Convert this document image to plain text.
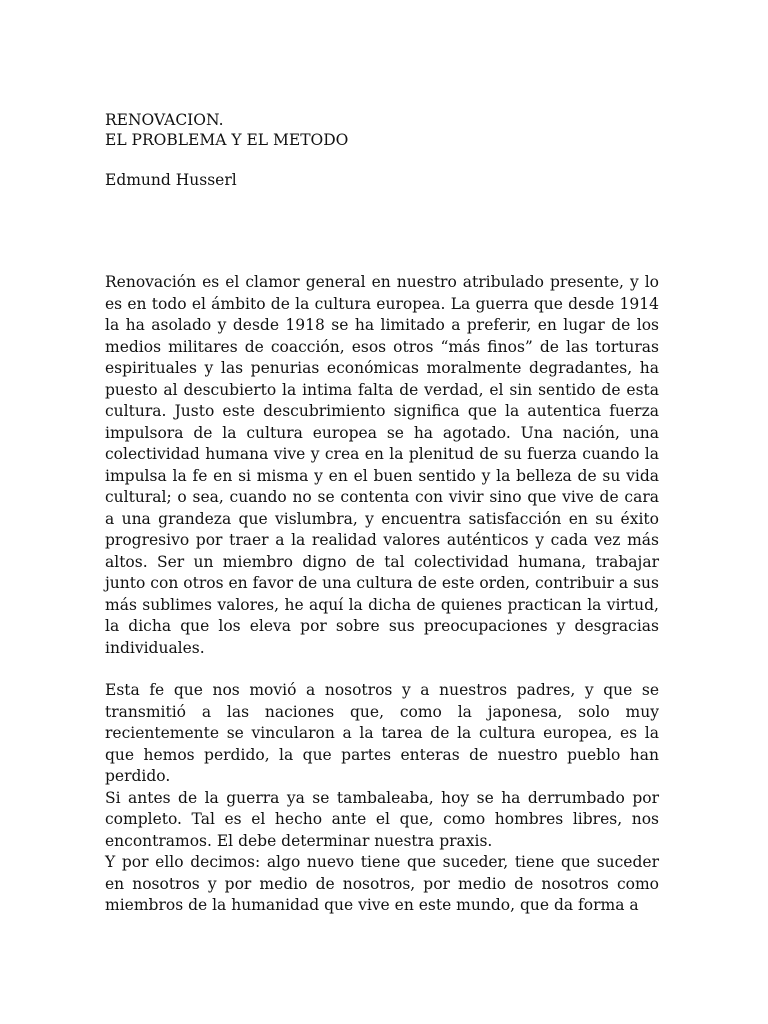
RENOVACION.

EL PROBLEMA Y EL METODO

Edmund Husserl

Renovación es el clamor general en nuestro atribulado presente, y lo es en todo el ámbito de la cultura europea. La guerra que desde 1914 la ha asolado y desde 1918 se ha limitado a preferir, en lugar de los medios militares de coacción, esos otros “más finos” de las torturas espirituales y las penurias económicas moralmente degradantes, ha puesto al descubierto la intima falta de verdad, el sin sentido de esta cultura. Justo este descubrimiento significa que la autentica fuerza impulsora de la cultura europea se ha agotado. Una nación, una colectividad humana vive y crea en la plenitud de su fuerza cuando la impulsa la fe en si misma y en el buen sentido y la belleza de su vida cultural; o sea, cuando no se contenta con vivir sino que vive de cara a una grandeza que vislumbra, y encuentra satisfacción en su éxito progresivo por traer a la realidad valores auténticos y cada vez más altos. Ser un miembro digno de tal colectividad humana, trabajar junto con otros en favor de una cultura de este orden, contribuir a sus más sublimes valores, he aquí la dicha de quienes practican la virtud, la dicha que los eleva por sobre sus preocupaciones y desgracias individuales.

Esta fe que nos movió a nosotros y a nuestros padres, y que se transmitió a las naciones que, como la japonesa, solo muy recientemente se vincularon a la tarea de la cultura europea, es la que hemos perdido, la que partes enteras de nuestro pueblo han perdido.

Si antes de la guerra ya se tambaleaba, hoy se ha derrumbado por completo. Tal es el hecho ante el que, como hombres libres, nos encontramos. El debe determinar nuestra praxis.

Y por ello decimos: algo nuevo tiene que suceder, tiene que suceder en nosotros y por medio de nosotros, por medio de nosotros como miembros de la humanidad que vive en este mundo, que da forma a
